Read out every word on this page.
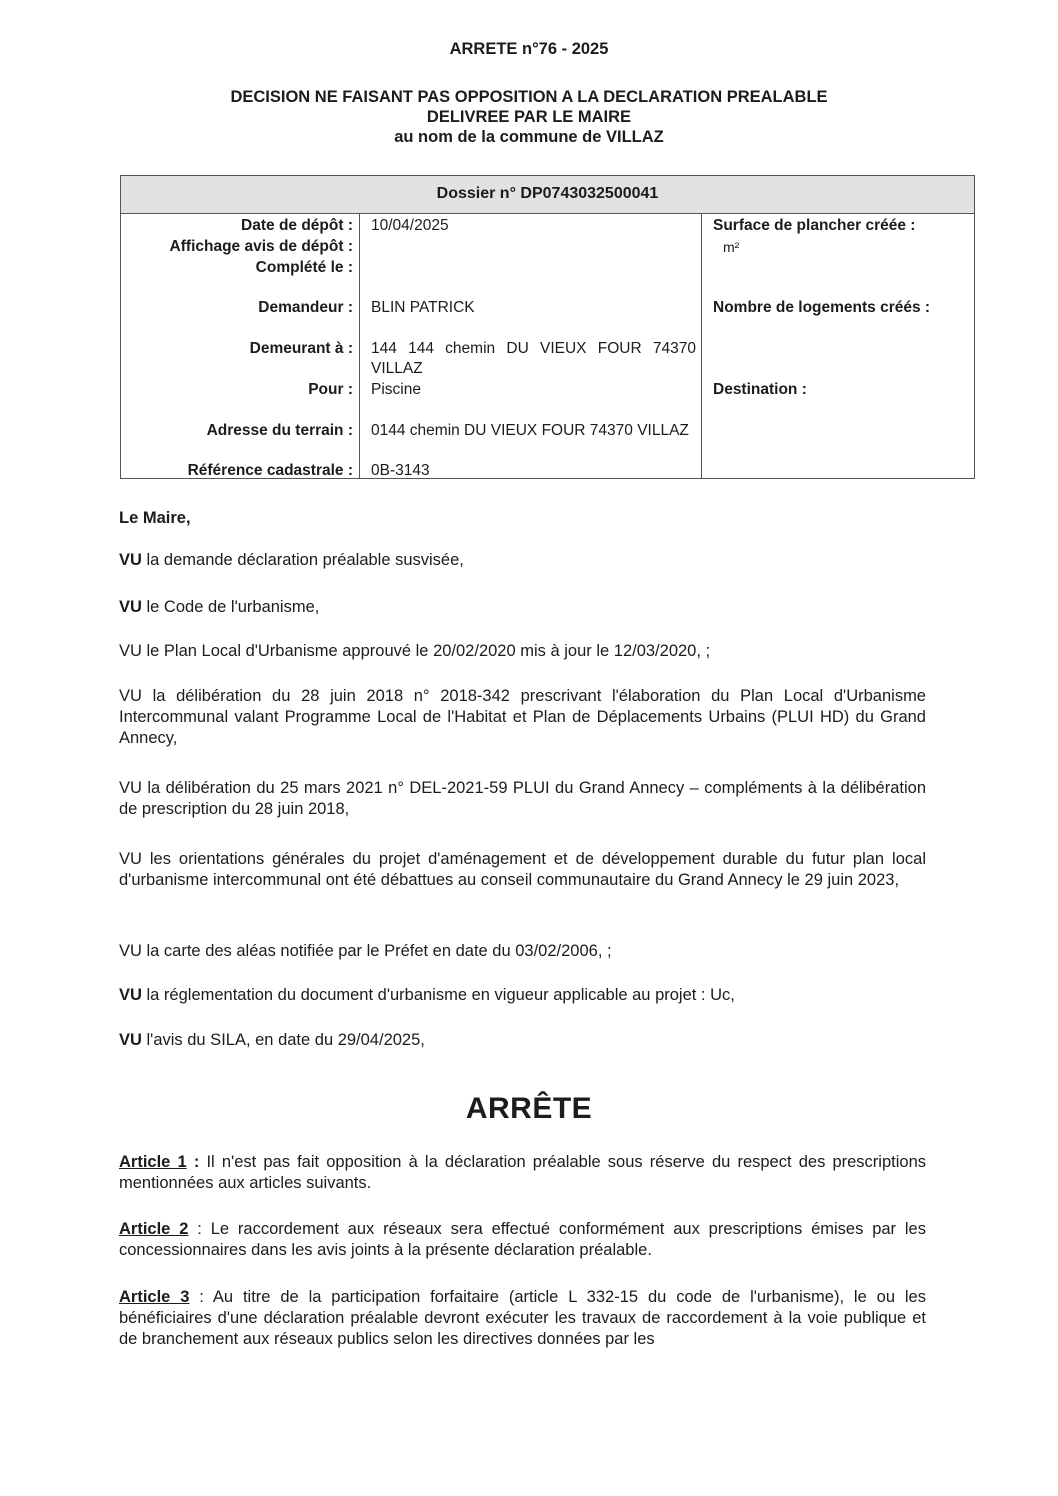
ARRETE n°76 - 2025
DECISION NE FAISANT PAS OPPOSITION A LA DECLARATION PREALABLE
DELIVREE PAR LE MAIRE
au nom de la commune de VILLAZ
Dossier n° DP0743032500041
Date de dépôt :
Affichage avis de dépôt :
Complété le :
Demandeur :
Demeurant à :
Pour :
Adresse du terrain :
Référence cadastrale :
10/04/2025
BLIN PATRICK
144 144 chemin DU VIEUX FOUR 74370 VILLAZ
Piscine
0144 chemin DU VIEUX FOUR 74370 VILLAZ
0B-3143
Surface de plancher créée :
m²
Nombre de logements créés :
Destination :

Le Maire,

VU la demande déclaration préalable susvisée,

VU le Code de l'urbanisme,

VU le Plan Local d'Urbanisme approuvé le 20/02/2020 mis à jour le 12/03/2020, ;

VU la délibération du 28 juin 2018 n° 2018-342 prescrivant l'élaboration du Plan Local d'Urbanisme Intercommunal valant Programme Local de l'Habitat et Plan de Déplacements Urbains (PLUI HD) du Grand Annecy,

VU la délibération du 25 mars 2021 n° DEL-2021-59 PLUI du Grand Annecy – compléments à la délibération de prescription du 28 juin 2018,

VU les orientations générales du projet d'aménagement et de développement durable du futur plan local d'urbanisme intercommunal ont été débattues au conseil communautaire du Grand Annecy le 29 juin 2023,

VU la carte des aléas notifiée par le Préfet en date du 03/02/2006, ;

VU la réglementation du document d'urbanisme en vigueur applicable au projet : Uc,

VU l'avis du SILA, en date du 29/04/2025,

ARRÊTE

Article 1 : Il n'est pas fait opposition à la déclaration préalable sous réserve du respect des prescriptions mentionnées aux articles suivants.

Article 2 : Le raccordement aux réseaux sera effectué conformément aux prescriptions émises par les concessionnaires dans les avis joints à la présente déclaration préalable.

Article 3 : Au titre de la participation forfaitaire (article L 332-15 du code de l'urbanisme), le ou les bénéficiaires d'une déclaration préalable devront exécuter les travaux de raccordement à la voie publique et de branchement aux réseaux publics selon les directives données par les
